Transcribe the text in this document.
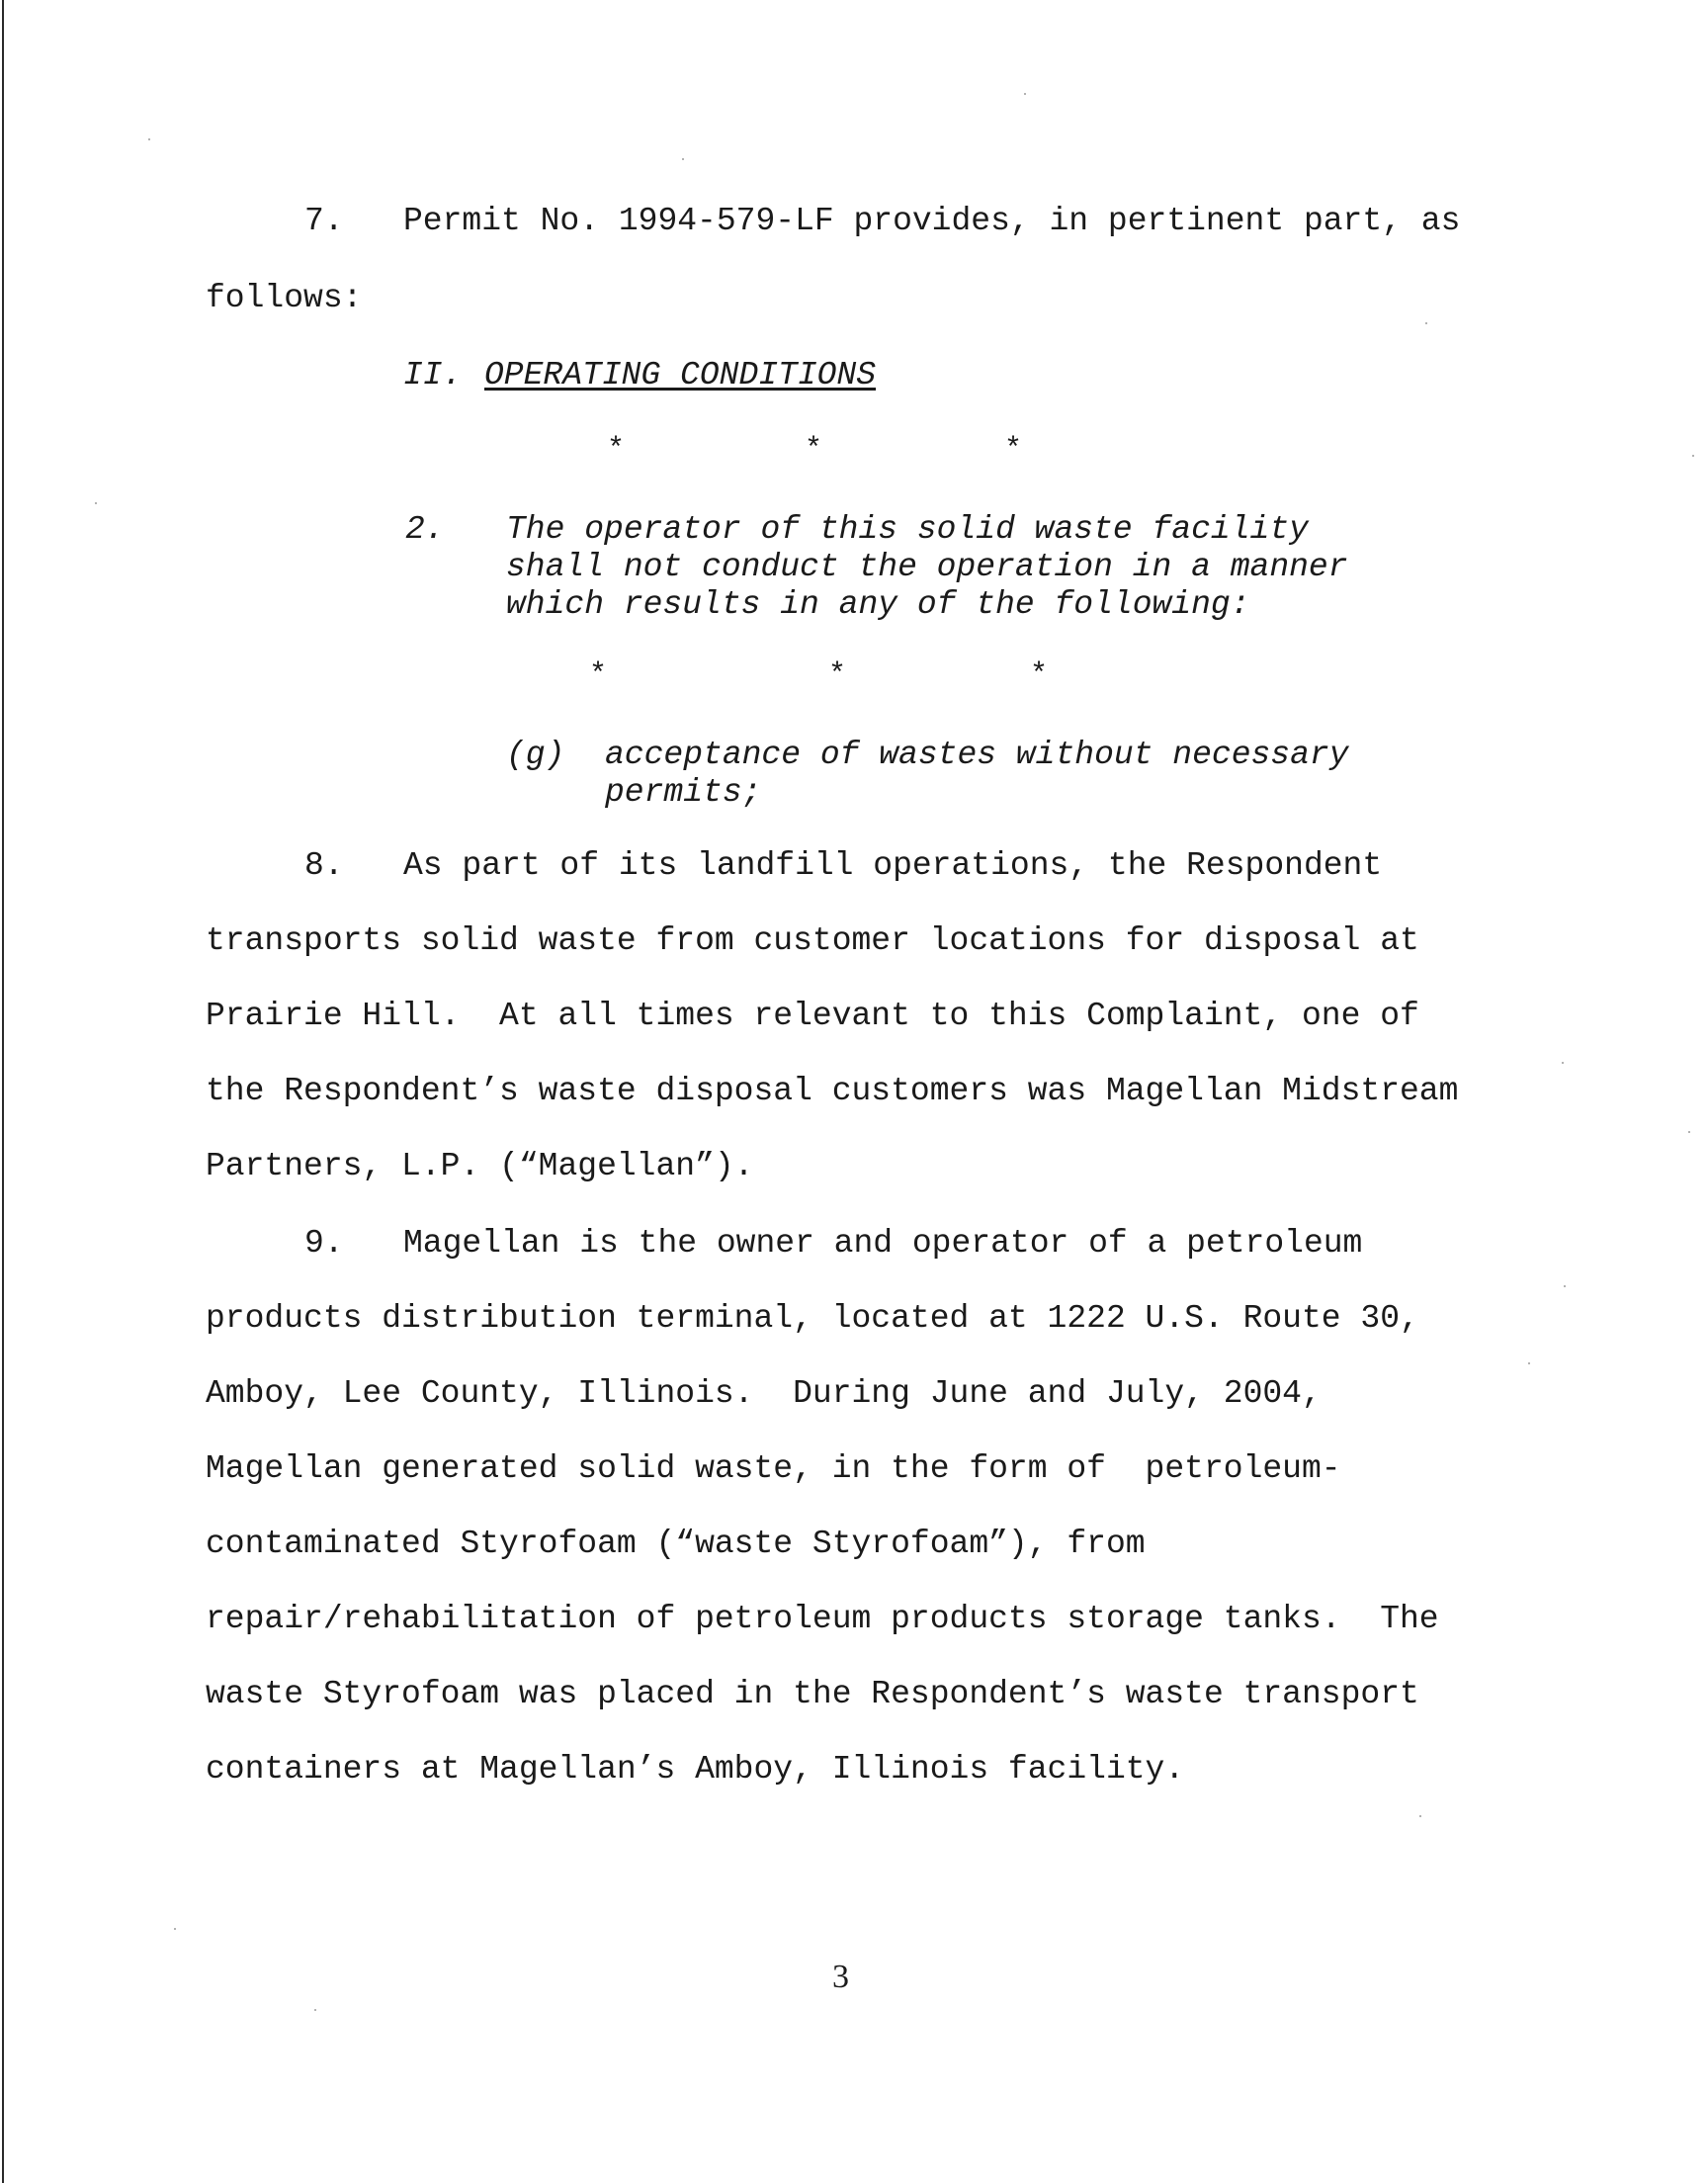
7. Permit No. 1994-579-LF provides, in pertinent part, as
follows:
II. OPERATING CONDITIONS
*	*	*
2. The operator of this solid waste facility
shall not conduct the operation in a manner
which results in any of the following:
*	*	*
(g) acceptance of wastes without necessary
permits;
8. As part of its landfill operations, the Respondent
transports solid waste from customer locations for disposal at
Prairie Hill.  At all times relevant to this Complaint, one of
the Respondent’s waste disposal customers was Magellan Midstream
Partners, L.P. (“Magellan”).
9. Magellan is the owner and operator of a petroleum
products distribution terminal, located at 1222 U.S. Route 30,
Amboy, Lee County, Illinois.  During June and July, 2004,
Magellan generated solid waste, in the form of  petroleum-
contaminated Styrofoam (“waste Styrofoam”), from
repair/rehabilitation of petroleum products storage tanks.  The
waste Styrofoam was placed in the Respondent’s waste transport
containers at Magellan’s Amboy, Illinois facility.
3
